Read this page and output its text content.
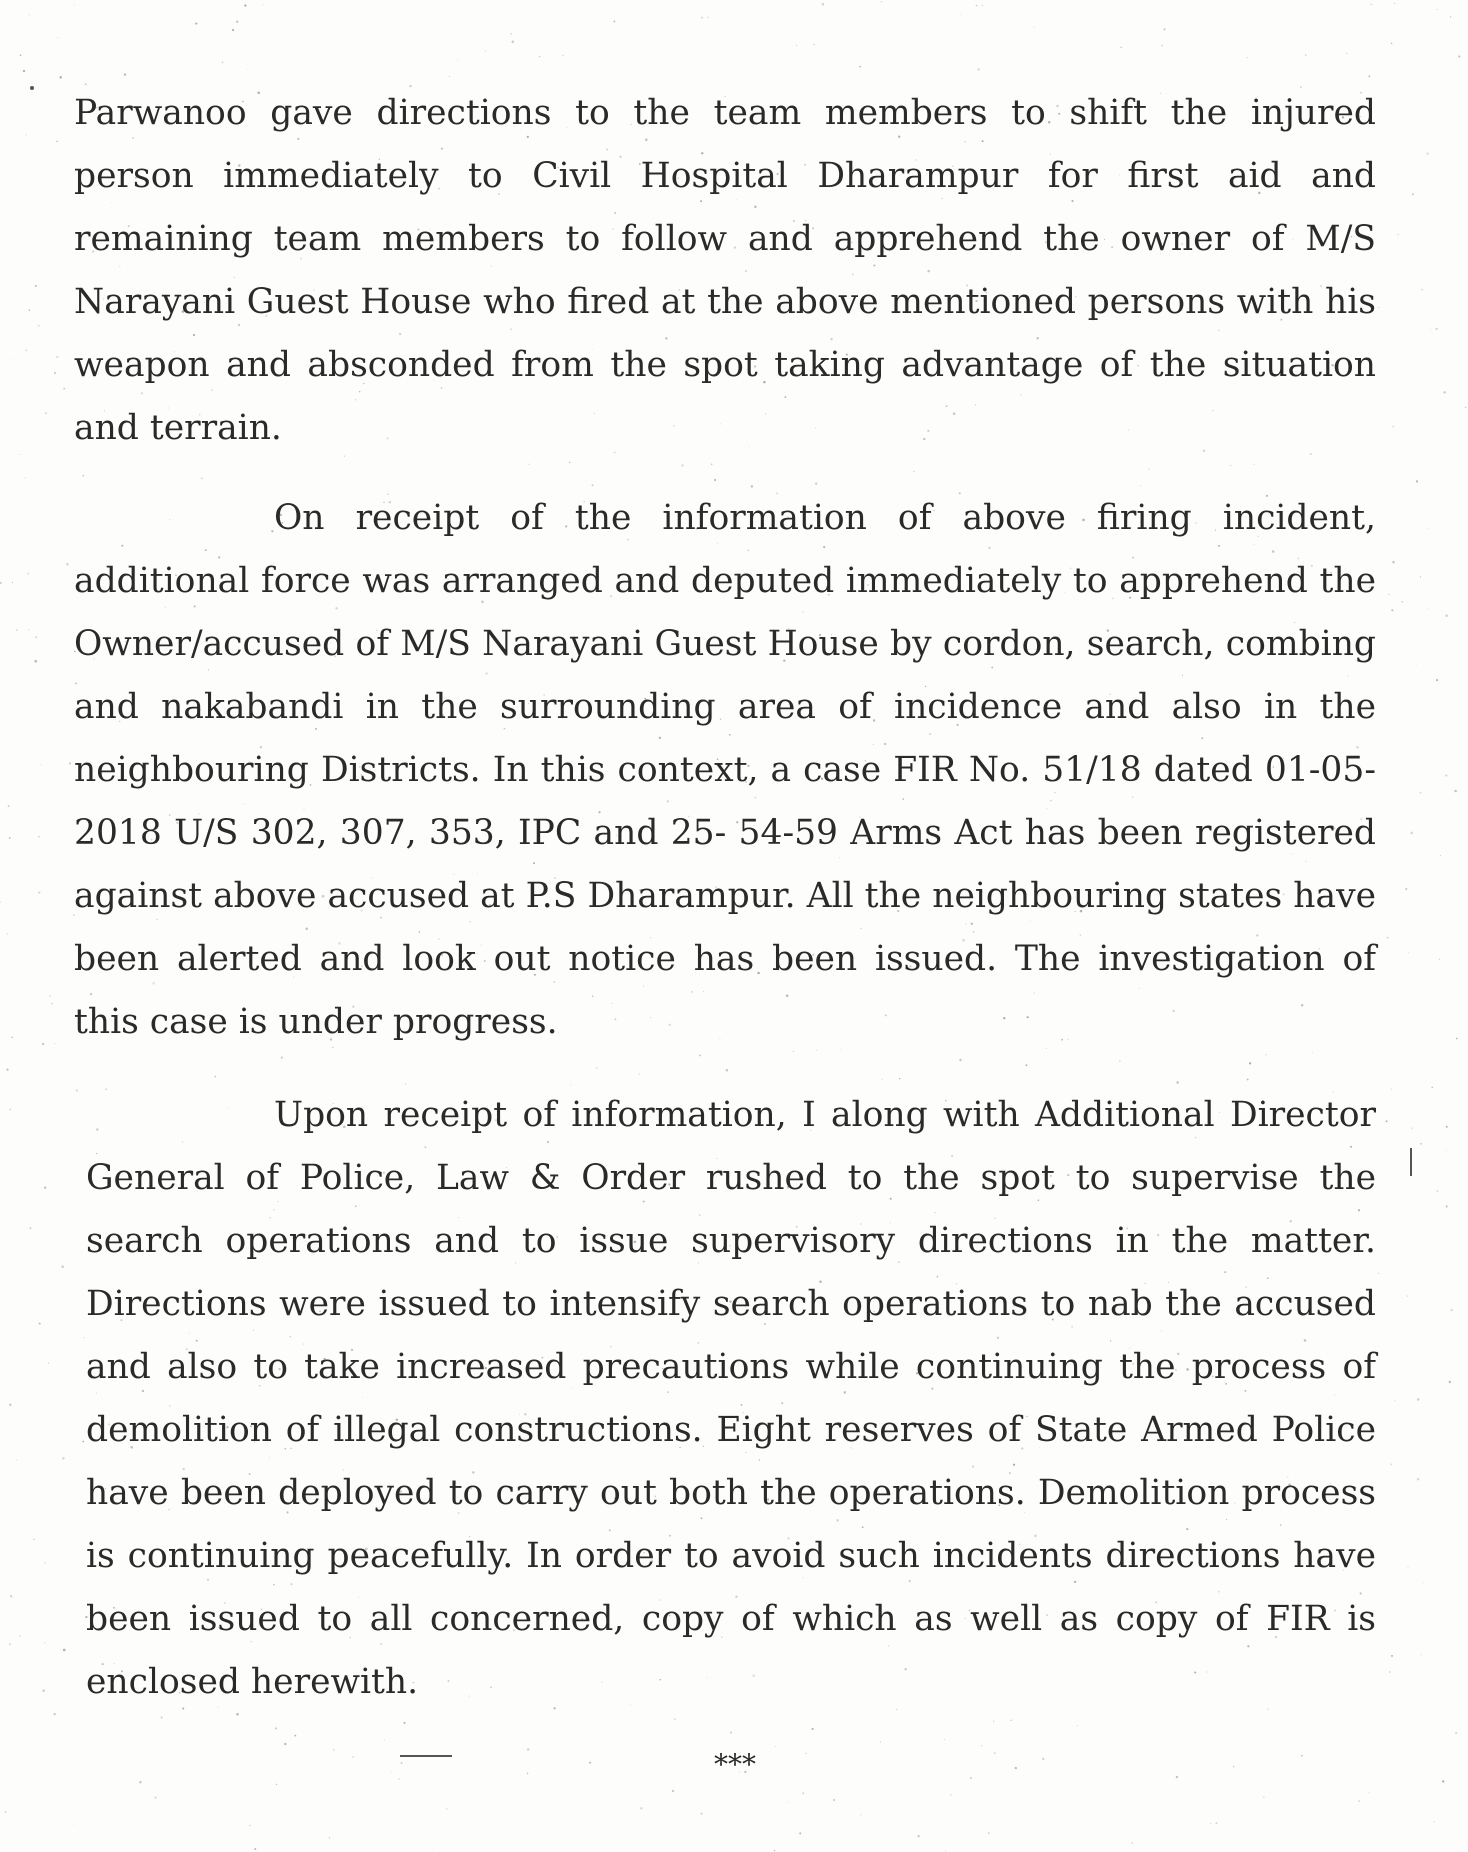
Parwanoo gave directions to the team members to shift the injured person immediately to Civil Hospital Dharampur for first aid and remaining team members to follow and apprehend the owner of M/S Narayani Guest House who fired at the above mentioned persons with his weapon and absconded from the spot taking advantage of the situation and terrain.

On receipt of the information of above firing incident, additional force was arranged and deputed immediately to apprehend the Owner/accused of M/S Narayani Guest House by cordon, search, combing and nakabandi in the surrounding area of incidence and also in the neighbouring Districts. In this context, a case FIR No. 51/18 dated 01-05-2018 U/S 302, 307, 353, IPC and 25- 54-59 Arms Act has been registered against above accused at P.S Dharampur. All the neighbouring states have been alerted and look out notice has been issued. The investigation of this case is under progress.

Upon receipt of information, I along with Additional Director General of Police, Law & Order rushed to the spot to supervise the search operations and to issue supervisory directions in the matter. Directions were issued to intensify search operations to nab the accused and also to take increased precautions while continuing the process of demolition of illegal constructions. Eight reserves of State Armed Police have been deployed to carry out both the operations. Demolition process is continuing peacefully. In order to avoid such incidents directions have been issued to all concerned, copy of which as well as copy of FIR is enclosed herewith.

***
